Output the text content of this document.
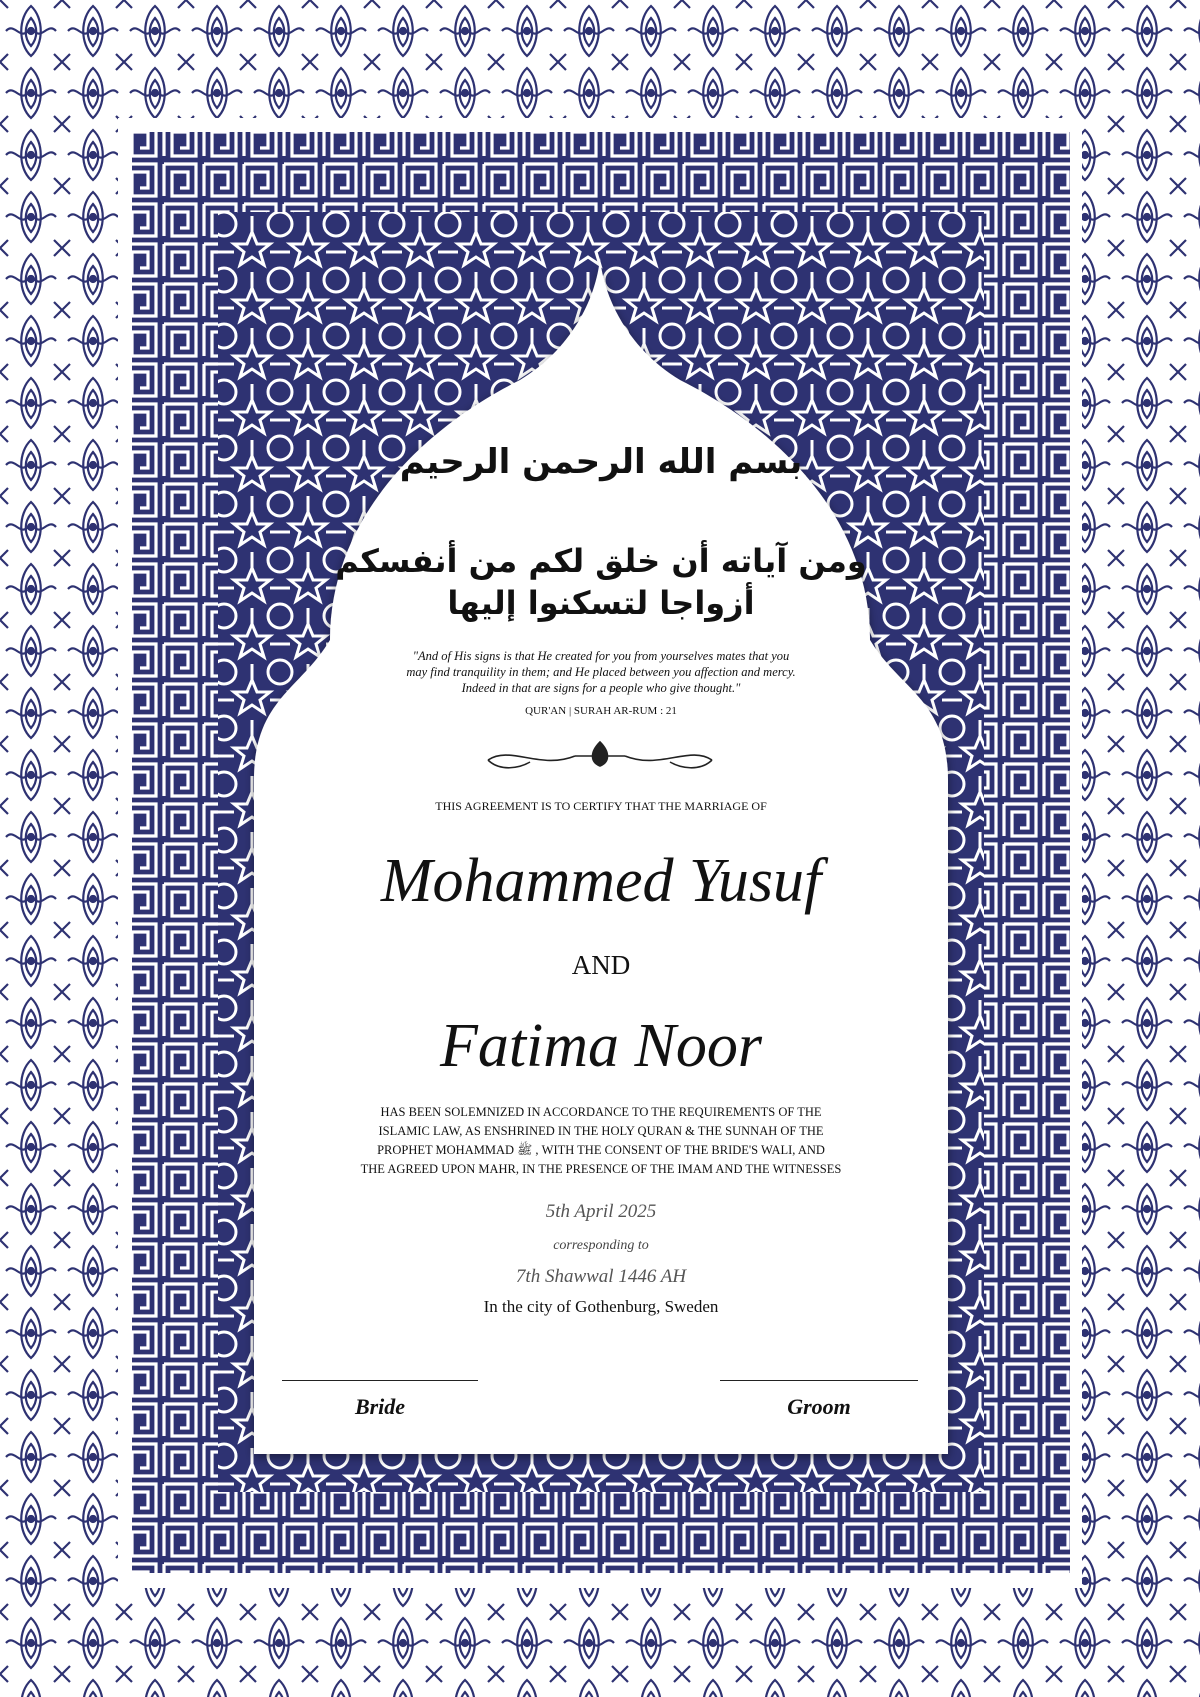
بسم الله الرحمن الرحيم
ومن آياته أن خلق لكم من أنفسكم أزواجا لتسكنوا إليها
"And of His signs is that He created for you from yourselves mates that you
may find tranquility in them; and He placed between you affection and mercy.
Indeed in that are signs for a people who give thought."
QUR'AN | SURAH AR-RUM : 21
THIS AGREEMENT IS TO CERTIFY THAT THE MARRIAGE OF
Mohammed Yusuf
AND
Fatima Noor
HAS BEEN SOLEMNIZED IN ACCORDANCE TO THE REQUIREMENTS OF THE
ISLAMIC LAW, AS ENSHRINED IN THE HOLY QURAN & THE SUNNAH OF THE
PROPHET MOHAMMAD ﷺ , WITH THE CONSENT OF THE BRIDE'S WALI, AND
THE AGREED UPON MAHR, IN THE PRESENCE OF THE IMAM AND THE WITNESSES
5th April 2025
corresponding to
7th Shawwal 1446 AH
In the city of Gothenburg, Sweden
Bride	Groom
